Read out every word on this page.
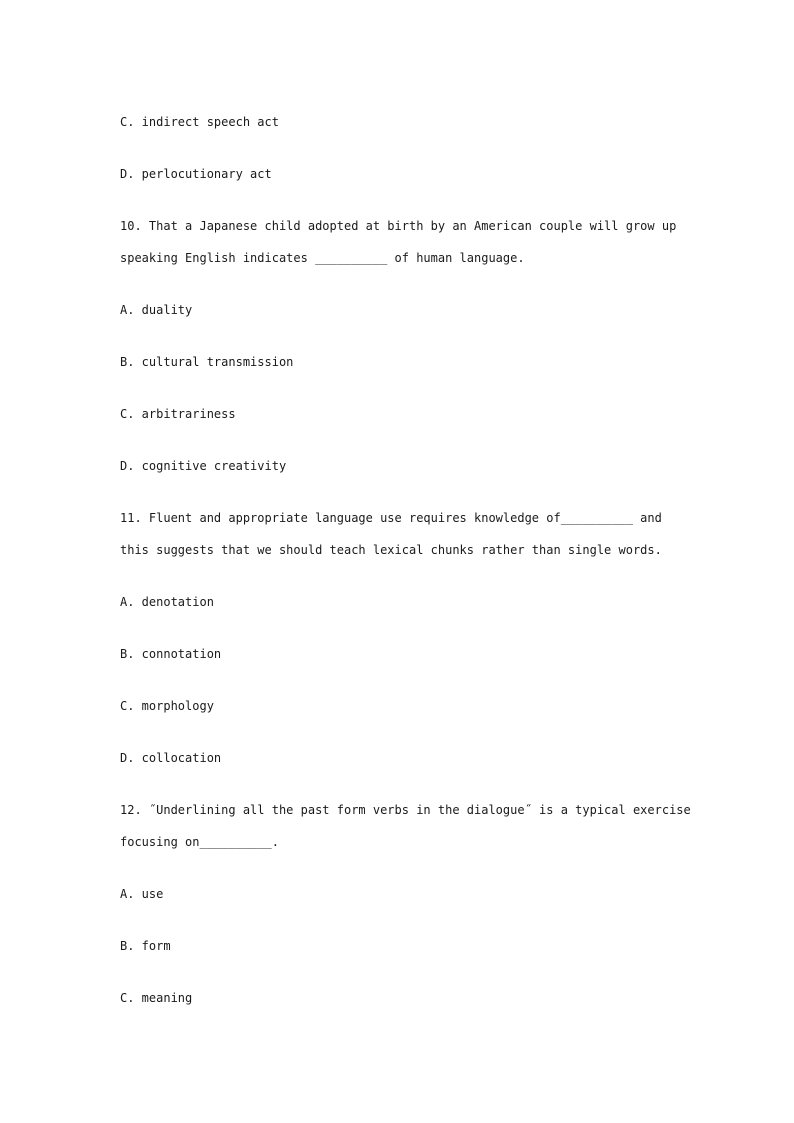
C. indirect speech act
D. perlocutionary act
10. That a Japanese child adopted at birth by an American couple will grow up
speaking English indicates __________ of human language.
A. duality
B. cultural transmission
C. arbitrariness
D. cognitive creativity
11. Fluent and appropriate language use requires knowledge of__________ and
this suggests that we should teach lexical chunks rather than single words.
A. denotation
B. connotation
C. morphology
D. collocation
12. ˝Underlining all the past form verbs in the dialogue˝ is a typical exercise
focusing on__________.
A. use
B. form
C. meaning
